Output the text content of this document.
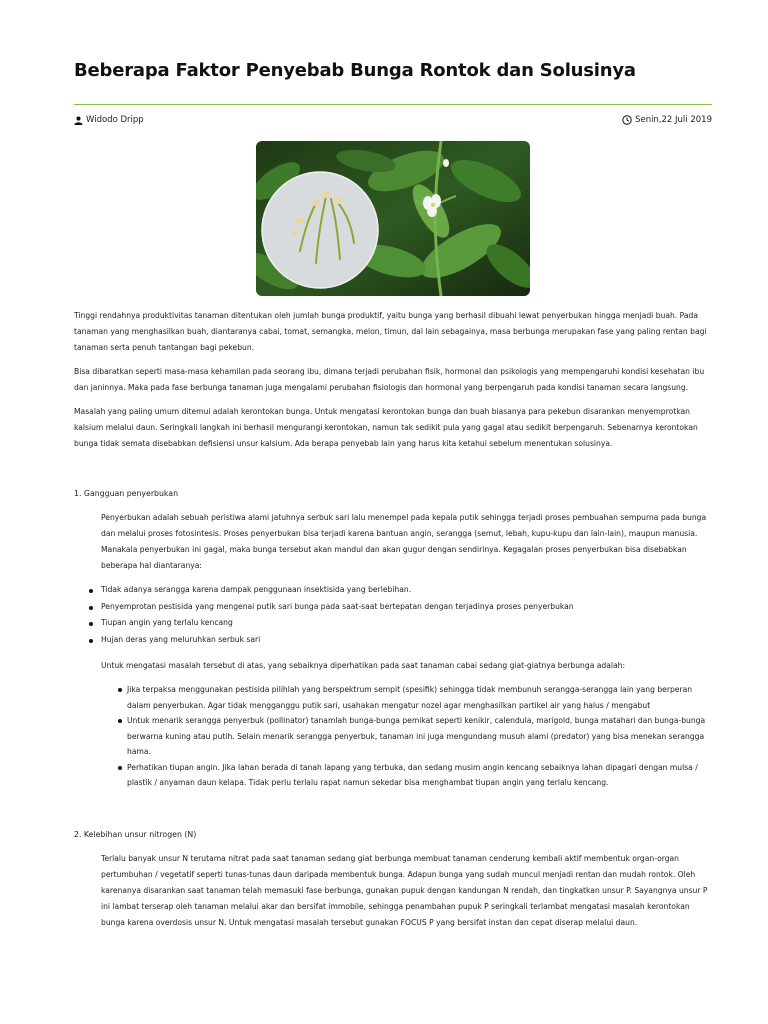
Beberapa Faktor Penyebab Bunga Rontok dan Solusinya
Widodo Dripp	Senin,22 Juli 2019

Tinggi rendahnya produktivitas tanaman ditentukan oleh jumlah bunga produktif, yaitu bunga yang berhasil dibuahi lewat penyerbukan hingga menjadi buah. Pada tanaman yang menghasilkan buah, diantaranya cabai, tomat, semangka, melon, timun, dal lain sebagainya, masa berbunga merupakan fase yang paling rentan bagi tanaman serta penuh tantangan bagi pekebun.

Bisa dibaratkan seperti masa-masa kehamilan pada seorang ibu, dimana terjadi perubahan fisik, hormonal dan psikologis yang mempengaruhi kondisi kesehatan ibu dan janinnya. Maka pada fase berbunga tanaman juga mengalami perubahan fisiologis dan hormonal yang berpengaruh pada kondisi tanaman secara langsung.

Masalah yang paling umum ditemui adalah kerontokan bunga. Untuk mengatasi kerontokan bunga dan buah biasanya para pekebun disarankan menyemprotkan kalsium melalui daun. Seringkali langkah ini berhasil mengurangi kerontokan, namun tak sedikit pula yang gagal atau sedikit berpengaruh. Sebenarnya kerontokan bunga tidak semata disebabkan defisiensi unsur kalsium. Ada berapa penyebab lain yang harus kita ketahui sebelum menentukan solusinya.

1. Gangguan penyerbukan

Penyerbukan adalah sebuah peristiwa alami jatuhnya serbuk sari lalu menempel pada kepala putik sehingga terjadi proses pembuahan sempurna pada bunga dan melalui proses fotosintesis. Proses penyerbukan bisa terjadi karena bantuan angin, serangga (semut, lebah, kupu-kupu dan lain-lain), maupun manusia. Manakala penyerbukan ini gagal, maka bunga tersebut akan mandul dan akan gugur dengan sendirinya. Kegagalan proses penyerbukan bisa disebabkan beberapa hal diantaranya:

Tidak adanya serangga karena dampak penggunaan insektisida yang berlebihan.
Penyemprotan pestisida yang mengenai putik sari bunga pada saat-saat bertepatan dengan terjadinya proses penyerbukan
Tiupan angin yang terlalu kencang
Hujan deras yang meluruhkan serbuk sari

Untuk mengatasi masalah tersebut di atas, yang sebaiknya diperhatikan pada saat tanaman cabai sedang giat-giatnya berbunga adalah:

Jika terpaksa menggunakan pestisida pilihlah yang berspektrum sempit (spesifik) sehingga tidak membunuh serangga-serangga lain yang berperan dalam penyerbukan. Agar tidak mengganggu putik sari, usahakan mengatur nozel agar menghasilkan partikel air yang halus / mengabut
Untuk menarik serangga penyerbuk (pollinator) tanamlah bunga-bunga pemikat seperti kenikir, calendula, marigold, bunga matahari dan bunga-bunga berwarna kuning atau putih. Selain menarik serangga penyerbuk, tanaman ini juga mengundang musuh alami (predator) yang bisa menekan serangga hama.
Perhatikan tiupan angin. Jika lahan berada di tanah lapang yang terbuka, dan sedang musim angin kencang sebaiknya lahan dipagari dengan mulsa / plastik / anyaman daun kelapa. Tidak perlu terlalu rapat namun sekedar bisa menghambat tiupan angin yang terlalu kencang.
2. Kelebihan unsur nitrogen (N)

Terlalu banyak unsur N terutama nitrat pada saat tanaman sedang giat berbunga membuat tanaman cenderung kembali aktif membentuk organ-organ pertumbuhan / vegetatif seperti tunas-tunas daun daripada membentuk bunga. Adapun bunga yang sudah muncul menjadi rentan dan mudah rontok. Oleh karenanya disarankan saat tanaman telah memasuki fase berbunga, gunakan pupuk dengan kandungan N rendah, dan tingkatkan unsur P. Sayangnya unsur P ini lambat terserap oleh tanaman melalui akar dan bersifat immobile, sehingga penambahan pupuk P seringkali terlambat mengatasi masalah kerontokan bunga karena overdosis unsur N. Untuk mengatasi masalah tersebut gunakan FOCUS P yang bersifat instan dan cepat diserap melalui daun.
